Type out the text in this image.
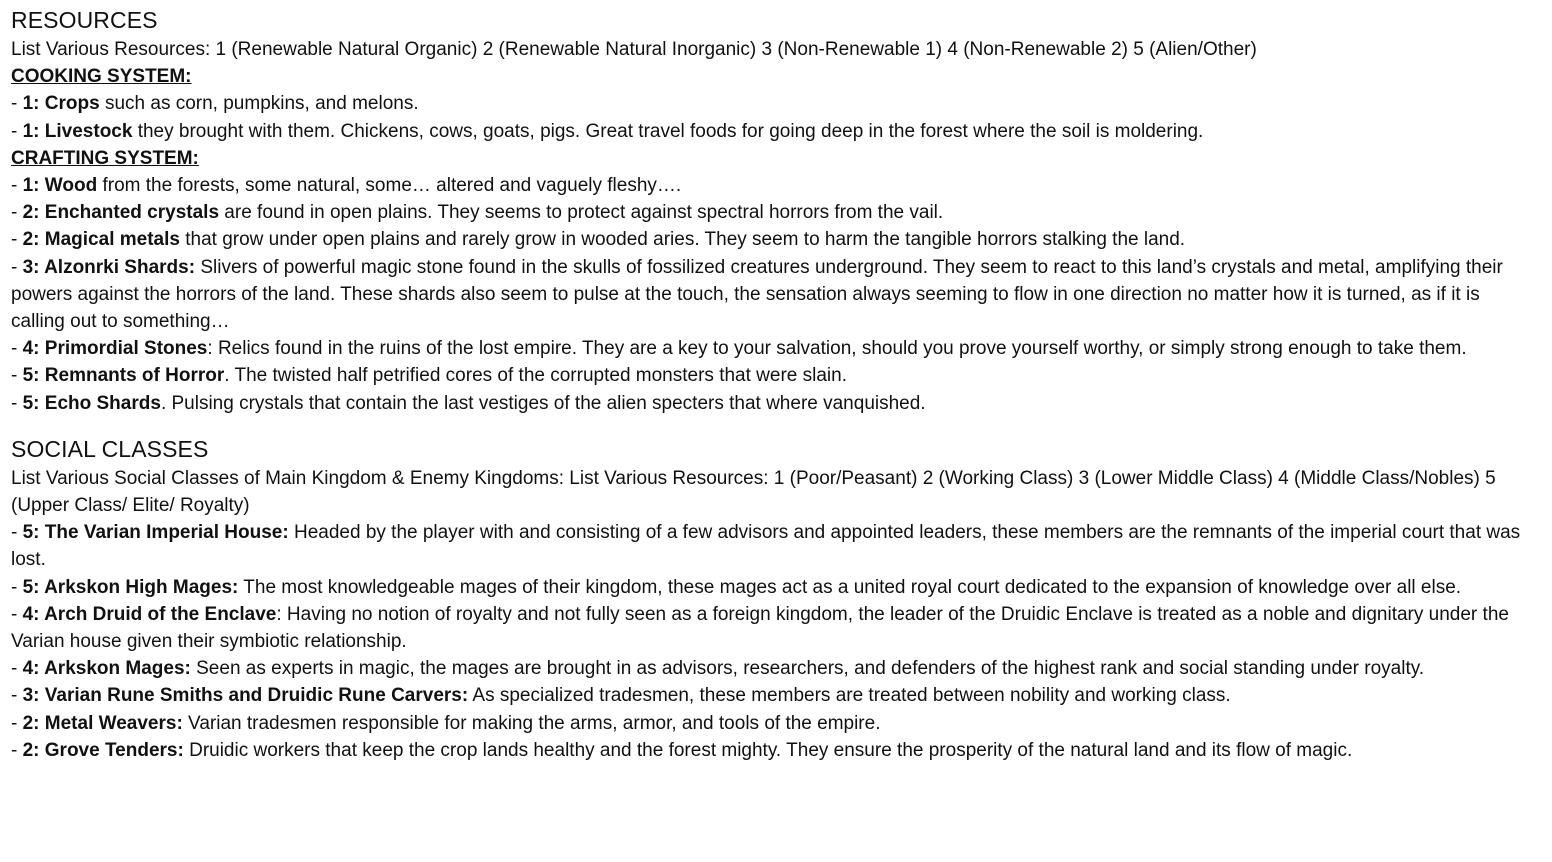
RESOURCES

List Various Resources: 1 (Renewable Natural Organic) 2 (Renewable Natural Inorganic) 3 (Non-Renewable 1) 4 (Non-Renewable 2) 5 (Alien/Other)

COOKING SYSTEM:

- 1: Crops such as corn, pumpkins, and melons.

- 1: Livestock they brought with them. Chickens, cows, goats, pigs. Great travel foods for going deep in the forest where the soil is moldering.

CRAFTING SYSTEM:

- 1: Wood from the forests, some natural, some… altered and vaguely fleshy….

- 2: Enchanted crystals are found in open plains. They seems to protect against spectral horrors from the vail.

- 2: Magical metals that grow under open plains and rarely grow in wooded aries. They seem to harm the tangible horrors stalking the land.

- 3: Alzonrki Shards: Slivers of powerful magic stone found in the skulls of fossilized creatures underground. They seem to react to this land’s crystals and metal, amplifying their powers against the horrors of the land. These shards also seem to pulse at the touch, the sensation always seeming to flow in one direction no matter how it is turned, as if it is calling out to something…

- 4: Primordial Stones: Relics found in the ruins of the lost empire. They are a key to your salvation, should you prove yourself worthy, or simply strong enough to take them.

- 5: Remnants of Horror. The twisted half petrified cores of the corrupted monsters that were slain.

- 5: Echo Shards. Pulsing crystals that contain the last vestiges of the alien specters that where vanquished.

SOCIAL CLASSES

List Various Social Classes of Main Kingdom & Enemy Kingdoms: List Various Resources: 1 (Poor/Peasant) 2 (Working Class) 3 (Lower Middle Class) 4 (Middle Class/Nobles) 5 (Upper Class/ Elite/ Royalty)

- 5: The Varian Imperial House: Headed by the player with and consisting of a few advisors and appointed leaders, these members are the remnants of the imperial court that was lost.

- 5: Arkskon High Mages: The most knowledgeable mages of their kingdom, these mages act as a united royal court dedicated to the expansion of knowledge over all else.

- 4: Arch Druid of the Enclave: Having no notion of royalty and not fully seen as a foreign kingdom, the leader of the Druidic Enclave is treated as a noble and dignitary under the Varian house given their symbiotic relationship.

- 4: Arkskon Mages: Seen as experts in magic, the mages are brought in as advisors, researchers, and defenders of the highest rank and social standing under royalty.

- 3: Varian Rune Smiths and Druidic Rune Carvers: As specialized tradesmen, these members are treated between nobility and working class.

- 2: Metal Weavers: Varian tradesmen responsible for making the arms, armor, and tools of the empire.

- 2: Grove Tenders: Druidic workers that keep the crop lands healthy and the forest mighty. They ensure the prosperity of the natural land and its flow of magic.
